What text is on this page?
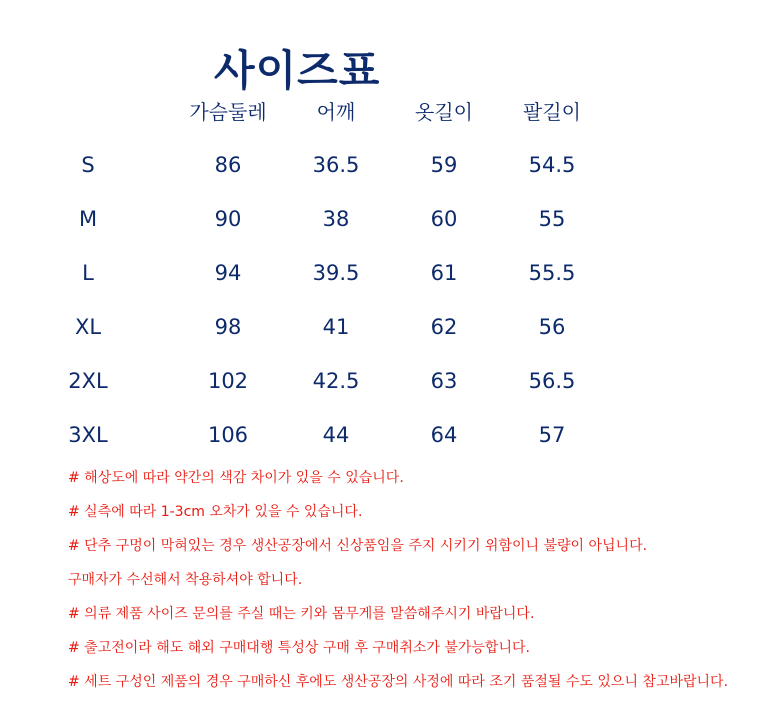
사이즈표
가슴둘레	어깨	옷길이	팔길이
S	86	36.5	59	54.5
M	90	38	60	55
L	94	39.5	61	55.5
XL	98	41	62	56
2XL	102	42.5	63	56.5
3XL	106	44	64	57
# 해상도에 따라 약간의 색감 차이가 있을 수 있습니다.
# 실측에 따라 1-3cm 오차가 있을 수 있습니다.
# 단추 구멍이 막혀있는 경우 생산공장에서 신상품임을 주지 시키기 위함이니 불량이 아닙니다.
구매자가 수선해서 착용하셔야 합니다.
# 의류 제품 사이즈 문의를 주실 때는 키와 몸무게를 말씀해주시기 바랍니다.
# 출고전이라 해도 해외 구매대행 특성상 구매 후 구매취소가 불가능합니다.
# 세트 구성인 제품의 경우 구매하신 후에도 생산공장의 사정에 따라 조기 품절될 수도 있으니 참고바랍니다.
